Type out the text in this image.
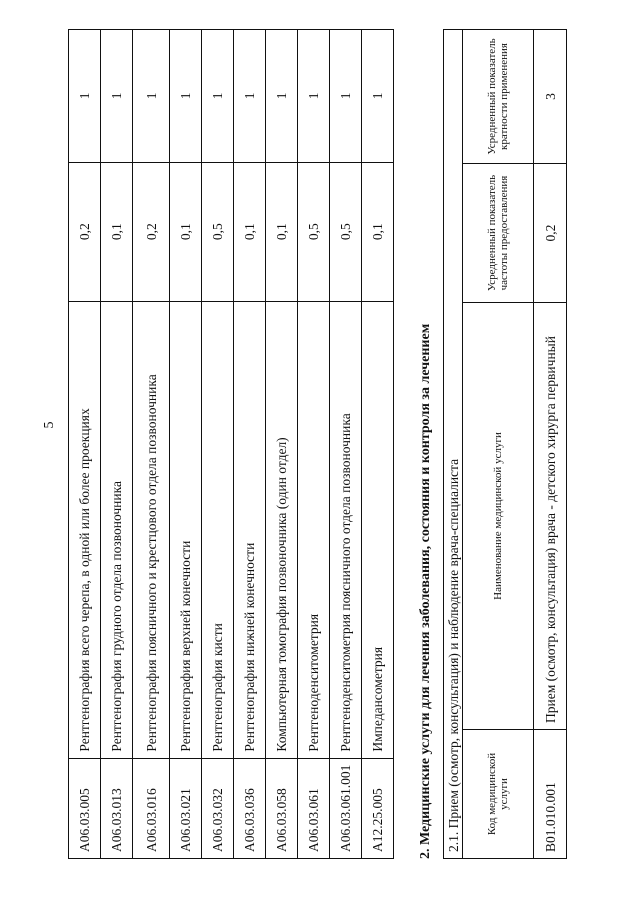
5
A06.03.005	Рентгенография всего черепа, в одной или более проекциях	0,2	1
A06.03.013	Рентгенография грудного отдела позвоночника	0,1	1
A06.03.016	Рентгенография поясничного и крестцового отдела позвоночника	0,2	1
A06.03.021	Рентгенография верхней конечности	0,1	1
A06.03.032	Рентгенография кисти	0,5	1
A06.03.036	Рентгенография нижней конечности	0,1	1
A06.03.058	Компьютерная томография позвоночника (один отдел)	0,1	1
A06.03.061	Рентгеноденситометрия	0,5	1
A06.03.061.001	Рентгеноденситометрия поясничного отдела позвоночника	0,5	1
A12.25.005	Импедансометрия	0,1	1
2. Медицинские услуги для лечения заболевания, состояния и контроля за лечением 2.1. Прием (осмотр, консультация) и наблюдение врача-специалиста			
Код медицинской услуги	Наименование медицинской услуги	Усредненный показатель частоты предоставления	Усредненный показатель кратности применения
B01.010.001	Прием (осмотр, консультация) врача - детского хирурга первичный	0,2	3
